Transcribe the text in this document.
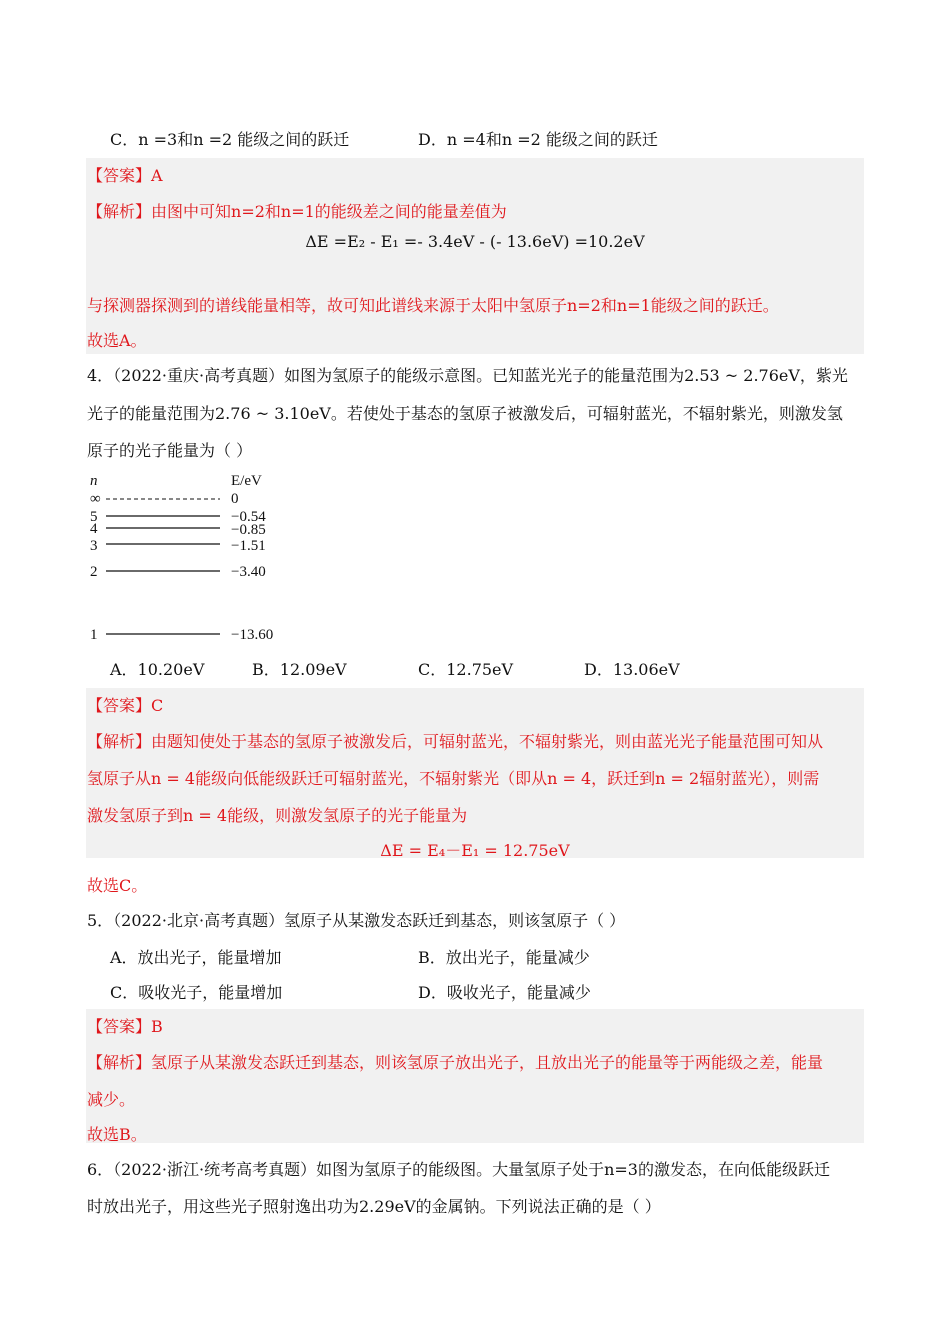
C．n =3和n =2 能级之间的跃迁	D．n =4和n =2 能级之间的跃迁
【答案】A
【解析】由图中可知n=2和n=1的能级差之间的能量差值为
ΔE =E₂ - E₁ =- 3.4eV - (- 13.6eV) =10.2eV
与探测器探测到的谱线能量相等，故可知此谱线来源于太阳中氢原子n=2和n=1能级之间的跃迁。
故选A。
4．（2022·重庆·高考真题）如图为氢原子的能级示意图。已知蓝光光子的能量范围为2.53 ~ 2.76eV，紫光
光子的能量范围为2.76 ~ 3.10eV。若使处于基态的氢原子被激发后，可辐射蓝光，不辐射紫光，则激发氢
原子的光子能量为（ ）
n	E/eV
∞	0
5	−0.54
4	−0.85
3	−1.51
2	−3.40
1	−13.60
A．10.20eV	B．12.09eV	C．12.75eV	D．13.06eV
【答案】C
【解析】由题知使处于基态的氢原子被激发后，可辐射蓝光，不辐射紫光，则由蓝光光子能量范围可知从
氢原子从n = 4能级向低能级跃迁可辐射蓝光，不辐射紫光（即从n = 4，跃迁到n = 2辐射蓝光），则需
激发氢原子到n = 4能级，则激发氢原子的光子能量为
ΔE = E₄－E₁ = 12.75eV
故选C。
5．（2022·北京·高考真题）氢原子从某激发态跃迁到基态，则该氢原子（ ）
A．放出光子，能量增加	B．放出光子，能量减少
C．吸收光子，能量增加	D．吸收光子，能量减少
【答案】B
【解析】氢原子从某激发态跃迁到基态，则该氢原子放出光子，且放出光子的能量等于两能级之差，能量
减少。
故选B。
6．（2022·浙江·统考高考真题）如图为氢原子的能级图。大量氢原子处于n=3的激发态，在向低能级跃迁
时放出光子，用这些光子照射逸出功为2.29eV的金属钠。下列说法正确的是（ ）
